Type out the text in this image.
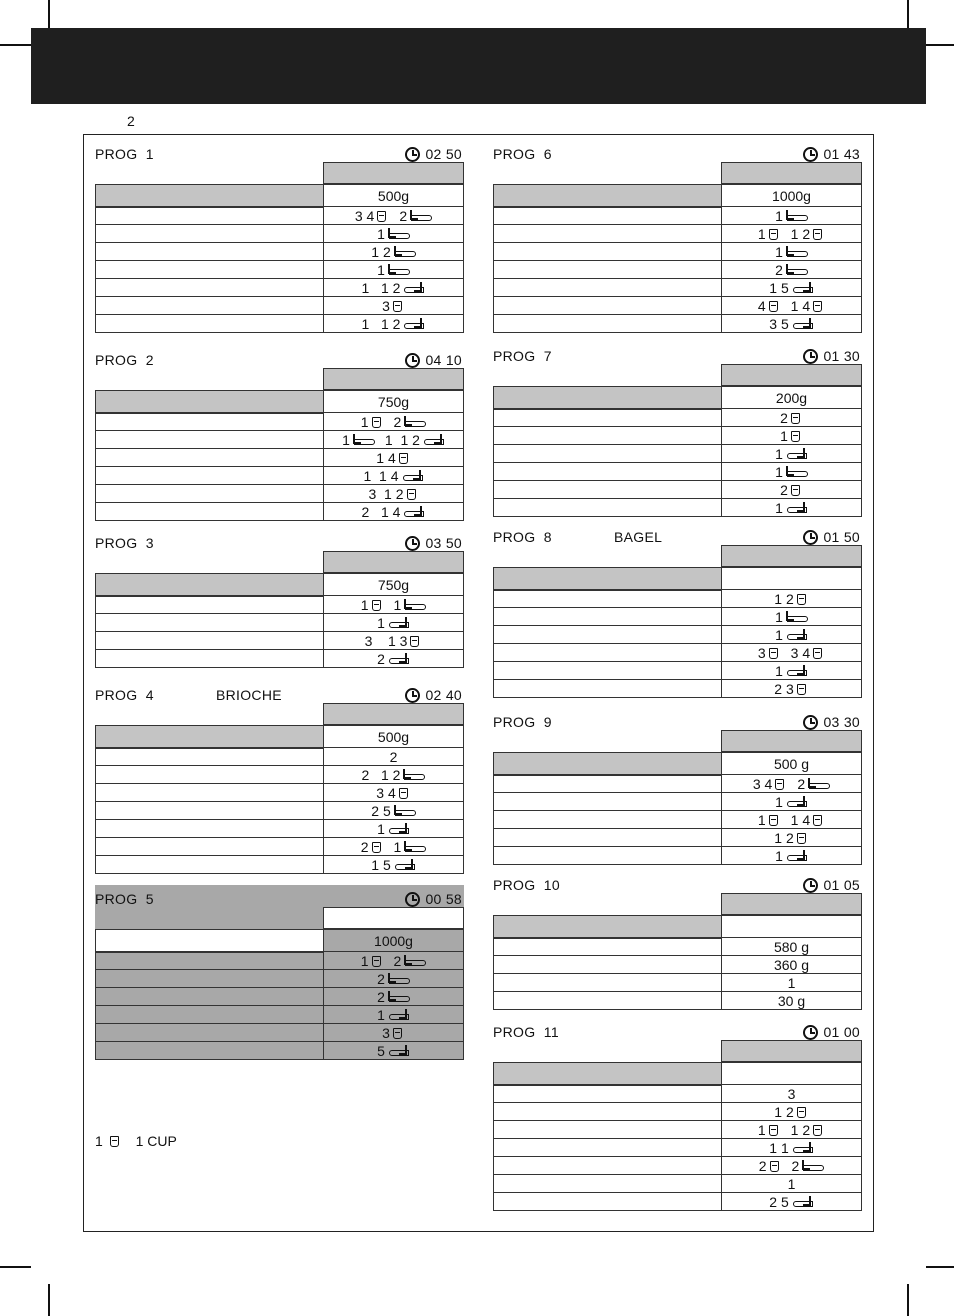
2
PROG  1	02 50
	500g
	3 4 2
	1
	1 2
	1
	1   1 2
	3
	1   1 2
PROG  2	04 10
	750g
	1 2
	1 1  1 2
	1 4
	1  1 4
	3  1 2
	2   1 4
PROG  3	03 50
	750g
	1 1
	1
	3    1 3
	2
PROG  4	BRIOCHE	02 40
	500g
	2
	2   1 2
	3 4
	2 5
	1
	2 1
	1 5
PROG  5	00 58
	1000g
	1 2
	2
	2
	1
	3
	5
PROG  6	01 43
	1000g
	1
	1 1 2
	1
	2
	1 5
	4 1 4
	3 5
PROG  7	01 30
	200g
	2
	1
	1
	1
	2
	1
PROG  8	BAGEL	01 50

	1 2
	1
	1
	3 3 4
	1
	2 3
PROG  9	03 30
	500 g
	3 4 2
	1
	1 1 4
	1 2
	1
PROG  10	01 05

	580 g
	360 g
	1
	30 g
PROG  11	01 00

	3
	1 2
	1 1 2
	1 1
	2 2
	1
	2 5
1 1 CUP
